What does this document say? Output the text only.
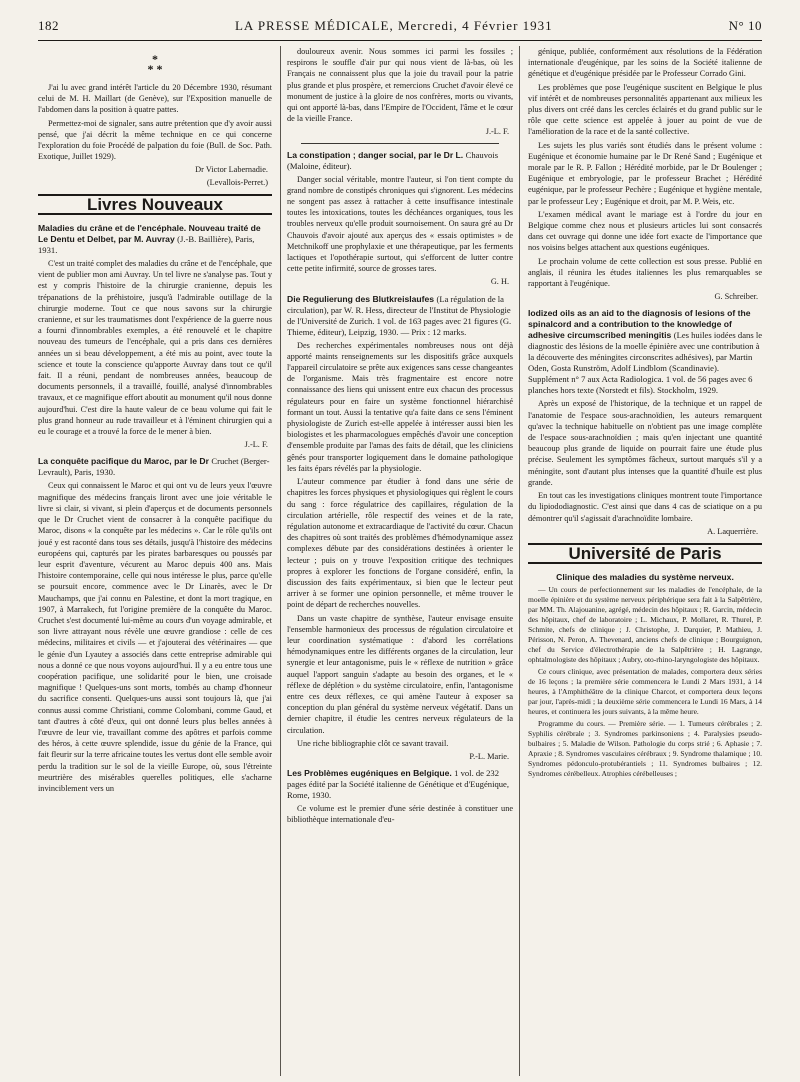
182	LA PRESSE MÉDICALE, Mercredi, 4 Février 1931	N° 10
*
* *

J'ai lu avec grand intérêt l'article du 20 Décembre 1930, résumant celui de M. H. Maillart (de Genève), sur l'Exposition manuelle de l'abdomen dans la position à quatre pattes.

Permettez-moi de signaler, sans autre prétention que d'y avoir aussi pensé, que j'ai décrit la même technique en ce qui concerne l'exploration du foie Procédé de palpation du foie (Bull. de Soc. Path. Exotique, Juillet 1929).

Dr Victor Labernadie.
(Levallois-Perret.)
Livres Nouveaux
Maladies du crâne et de l'encéphale. Nouveau traité de Le Dentu et Delbet, par M. Auvray (J.-B. Baillière), Paris, 1931.

C'est un traité complet des maladies du crâne et de l'encéphale, que vient de publier mon ami Auvray. Un tel livre ne s'analyse pas. Tout y est y compris l'histoire de la chirurgie cranienne, depuis les trépanations de la préhistoire, jusqu'à l'admirable outillage de la chirurgie moderne. Tout ce que nous savons sur la chirurgie cranienne, et sur les traumatismes dont l'expérience de la guerre nous a fourni d'innombrables exemples, a été renouvelé et le chapitre nouveau des tumeurs de l'encéphale, qui a pris dans ces dernières années un si beau développement, a été mis au point, avec toute la science et toute la conscience qu'apporte Auvray dans tout ce qu'il fait. Il a réuni, pendant de nombreuses années, beaucoup de documents personnels, il a travaillé, fouillé, analysé d'innombrables travaux, et ce magnifique effort aboutit au monument qu'il nous donne aujourd'hui. C'est dire la haute valeur de ce beau volume qui fait le plus grand honneur au rude travailleur et à l'éminent chirurgien qui a eu le courage et a trouvé la force de le mener à bien.

J.-L. F.
La conquête pacifique du Maroc, par le Dr Cruchet (Berger-Levrault), Paris, 1930.

Ceux qui connaissent le Maroc et qui ont vu de leurs yeux l'œuvre magnifique des médecins français liront avec une joie véritable le livre si clair, si vivant, si plein d'aperçus et de documents personnels que le Dr Cruchet vient de consacrer à la conquête pacifique du Maroc, disons « la conquête par les médecins ». Car le rôle qu'ils ont joué y est raconté dans tous ses détails, jusqu'à l'histoire des médecins européens qui, capturés par les pirates barbaresques ou poussés par leur esprit d'aventure, vécurent au Maroc depuis 400 ans. Mais l'histoire contemporaine, celle qui nous intéresse le plus, parce qu'elle se poursuit encore, commence avec le Dr Linarès, avec le Dr Mauchamps, que j'ai connu en Palestine, et dont la mort tragique, en 1907, à Marrakech, fut l'origine première de la conquête du Maroc. Cruchet s'est documenté lui-même au cours d'un voyage admirable, et son livre attrayant nous révèle une œuvre grandiose : celle de ces médecins, militaires et civils — et j'ajouterai des vétérinaires — que le génie d'un Lyautey a associés dans cette entreprise admirable qui nous a donné ce que nous voyons aujourd'hui. Il y a eu entre tous une coopération pacifique, une solidarité pour le bien, une croisade magnifique ! Quelques-uns sont morts, tombés au champ d'honneur du sacrifice consenti. Quelques-uns aussi sont toujours là, que j'ai connus aussi comme Christiani, comme Colombani, comme Gaud, et tant d'autres à côté d'eux, qui ont donné leurs plus belles années à l'œuvre de leur vie, travaillant comme des apôtres et parfois comme des héros, à cette œuvre splendide, issue du génie de la France, qui fait fleurir sur la terre africaine toutes les vertus dont elle semble avoir perdu la tradition sur le sol de la vieille Europe, où, sous l'étreinte meurtrière des misérables querelles politiques, elle s'acharne invinciblement vers un

douloureux avenir. Nous sommes ici parmi les fossiles ; respirons le souffle d'air pur qui nous vient de là-bas, où les Français ne connaissent plus que la joie du travail pour la patrie plus grande et plus prospère, et remercions Cruchet d'avoir élevé ce monument de justice à la gloire de nos confrères, morts ou vivants, qui ont apporté là-bas, dans l'Empire de l'Occident, l'âme et le cœur de la vieille France.

J.-L. F.
La constipation ; danger social, par le Dr L. Chauvois (Maloine, éditeur).

Danger social véritable, montre l'auteur, si l'on tient compte du grand nombre de constipés chroniques qui s'ignorent. Les médecins ne songent pas assez à rattacher à cette insuffisance intestinale toutes les intoxications, toutes les déchéances organiques, tous les troubles nerveux qu'elle produit sournoisement. On saura gré au Dr Chauvois d'avoir ajouté aux aperçus des « essais optimistes » de Metchnikoff une prophylaxie et une thérapeutique, par les ferments lactiques et l'opothérapie surtout, qui s'efforcent de lutter contre cette petite infirmité, source de grosses tares.

G. H.
Die Regulierung des Blutkreislaufes (La régulation de la circulation), par W. R. Hess, directeur de l'Institut de Physiologie de l'Université de Zurich. 1 vol. de 163 pages avec 21 figures (G. Thieme, éditeur), Leipzig, 1930. — Prix : 12 marks.

Des recherches expérimentales nombreuses nous ont déjà apporté maints renseignements sur les dispositifs grâce auxquels l'appareil circulatoire se prête aux exigences sans cesse changeantes de l'organisme. Mais très fragmentaire est encore notre connaissance des liens qui unissent entre eux chacun des processus régulateurs pour en faire un système fonctionnel hiérarchisé formant un tout. Aussi la tentative qu'a faite dans ce sens l'éminent physiologiste de Zurich est-elle appelée à intéresser aussi bien les biologistes et les pharmacologues empêchés d'avoir une conception d'ensemble produite par l'amas des faits de détail, que les cliniciens gênés pour transporter logiquement dans le domaine pathologique les faits épars révélés par la physiologie.

L'auteur commence par étudier à fond dans une série de chapitres les forces physiques et physiologiques qui règlent le cours du sang : force régulatrice des capillaires, régulation de la circulation artérielle, rôle respectif des veines et de la rate, régulation autonome et extracardiaque de l'activité du cœur. Chacun des chapitres où sont traités des problèmes d'hémodynamique assez complexes débute par des considérations destinées à orienter le lecteur ; puis on y trouve l'exposition critique des techniques propres à explorer les fonctions de l'organe considéré, enfin, la discussion des faits expérimentaux, si bien que le lecteur peut arriver à se former une opinion personnelle, et même trouver le point de départ de recherches nouvelles.

Dans un vaste chapitre de synthèse, l'auteur envisage ensuite l'ensemble harmonieux des processus de régulation circulatoire et leur coordination systématique : d'abord les corrélations hémodynamiques entre les différents organes de la circulation, leur synergie et leur antagonisme, puis le « réflexe de nutrition » grâce auquel l'apport sanguin s'adapte au besoin des organes, et le « réflexe de déplétion » du système circulatoire, enfin, l'antagonisme entre ces deux réflexes, ce qui amène l'auteur à exposer sa conception du plan général du système nerveux végétatif. Dans un dernier chapitre, il étudie les centres nerveux régulateurs de la circulation.

Une riche bibliographie clôt ce savant travail.

P.-L. Marie.
Les Problèmes eugéniques en Belgique. 1 vol. de 232 pages édité par la Société italienne de Génétique et d'Eugénique, Rome, 1930.

Ce volume est le premier d'une série destinée à constituer une bibliothèque internationale d'eu-

génique, publiée, conformément aux résolutions de la Fédération internationale d'eugénique, par les soins de la Société italienne de génétique et d'eugénique présidée par le Professeur Corrado Gini.

Les problèmes que pose l'eugénique suscitent en Belgique le plus vif intérêt et de nombreuses personnalités appartenant aux milieux les plus divers ont créé dans les cercles éclairés et du grand public sur le rôle que cette science est appelée à jouer au point de vue de l'amélioration de la race et de la santé collective.

Les sujets les plus variés sont étudiés dans le présent volume : Eugénique et économie humaine par le Dr René Sand ; Eugénique et morale par le R. P. Fallon ; Hérédité morbide, par le Dr Boulenger ; Eugénique et embryologie, par le professeur Brachet ; Hérédité eugénique, par le professeur Pechère ; Eugénique et hygiène mentale, par le professeur Ley ; Eugénique et droit, par M. P. Weis, etc.

L'examen médical avant le mariage est à l'ordre du jour en Belgique comme chez nous et plusieurs articles lui sont consacrés dans cet ouvrage qui donne une idée fort exacte de l'importance que nos voisins belges attachent aux questions eugéniques.

Le prochain volume de cette collection est sous presse. Publié en anglais, il réunira les études italiennes les plus remarquables se rapportant à l'eugénique.

G. Schreiber.
Iodized oils as an aid to the diagnosis of lesions of the spinalcord and a contribution to the knowledge of adhesive circumscribed meningitis (Les huiles iodées dans le diagnostic des lésions de la moelle épinière avec une contribution à la découverte des méningites circonscrites adhésives), par Martin Oden, Gosta Runström, Adolf Lindblom (Scandinavie). Supplément n° 7 aux Acta Radiologica. 1 vol. de 56 pages avec 6 planches hors texte (Norstedt et fils). Stockholm, 1929.

Après un exposé de l'historique, de la technique et un rappel de l'anatomie de l'espace sous-arachnoïdien, les auteurs remarquent qu'avec la technique habituelle on n'obtient pas une image complète de l'espace sous-arachnoïdien ; mais qu'en injectant une quantité beaucoup plus grande de liquide on pourrait faire une étude plus précise. Seulement les symptômes fâcheux, surtout marqués s'il y a méningite, sont d'autant plus intenses que la quantité d'huile est plus grande.

En tout cas les investigations cliniques montrent toute l'importance du lipiododiagnostic. C'est ainsi que dans 4 cas de sciatique on a pu démontrer qu'il s'agissait d'arachnoïdite lombaire.

A. Laquerrière.
Université de Paris
Clinique des maladies du système nerveux.

— Un cours de perfectionnement sur les maladies de l'encéphale, de la moelle épinière et du système nerveux périphérique sera fait à la Salpêtrière, par MM. Th. Alajouanine, agrégé, médecin des hôpitaux ; R. Garcin, médecin des hôpitaux, chef de laboratoire ; L. Michaux, P. Mollaret, R. Thurel, P. Schmite, chefs de clinique ; J. Christophe, J. Darquier, P. Mathieu, J. Périsson, N. Peron, A. Thevenard, anciens chefs de clinique ; Bourguignon, chef du Service d'électrothérapie de la Salpêtrière ; H. Lagrange, ophtalmologiste des hôpitaux ; Aubry, oto-rhino-laryngologiste des hôpitaux.

Ce cours clinique, avec présentation de malades, comportera deux séries de 16 leçons ; la première série commencera le Lundi 2 Mars 1931, à 14 heures, à l'Amphithéâtre de la clinique Charcot, et comportera deux leçons par jour, l'après-midi ; la deuxième série commencera le Lundi 16 Mars, à 14 heures, et continuera les jours suivants, à la même heure.

Programme du cours. — Première série. — 1. Tumeurs cérébrales ; 2. Syphilis cérébrale ; 3. Syndromes parkinsoniens ; 4. Paralysies pseudo-bulbaires ; 5. Maladie de Wilson. Pathologie du corps strié ; 6. Aphasie ; 7. Apraxie ; 8. Syndromes vasculaires cérébraux ; 9. Syndrome thalamique ; 10. Syndromes pédonculo-protubérantiels ; 11. Syndromes bulbaires ; 12. Syndromes cérébelleux. Atrophies cérébelleuses ;
